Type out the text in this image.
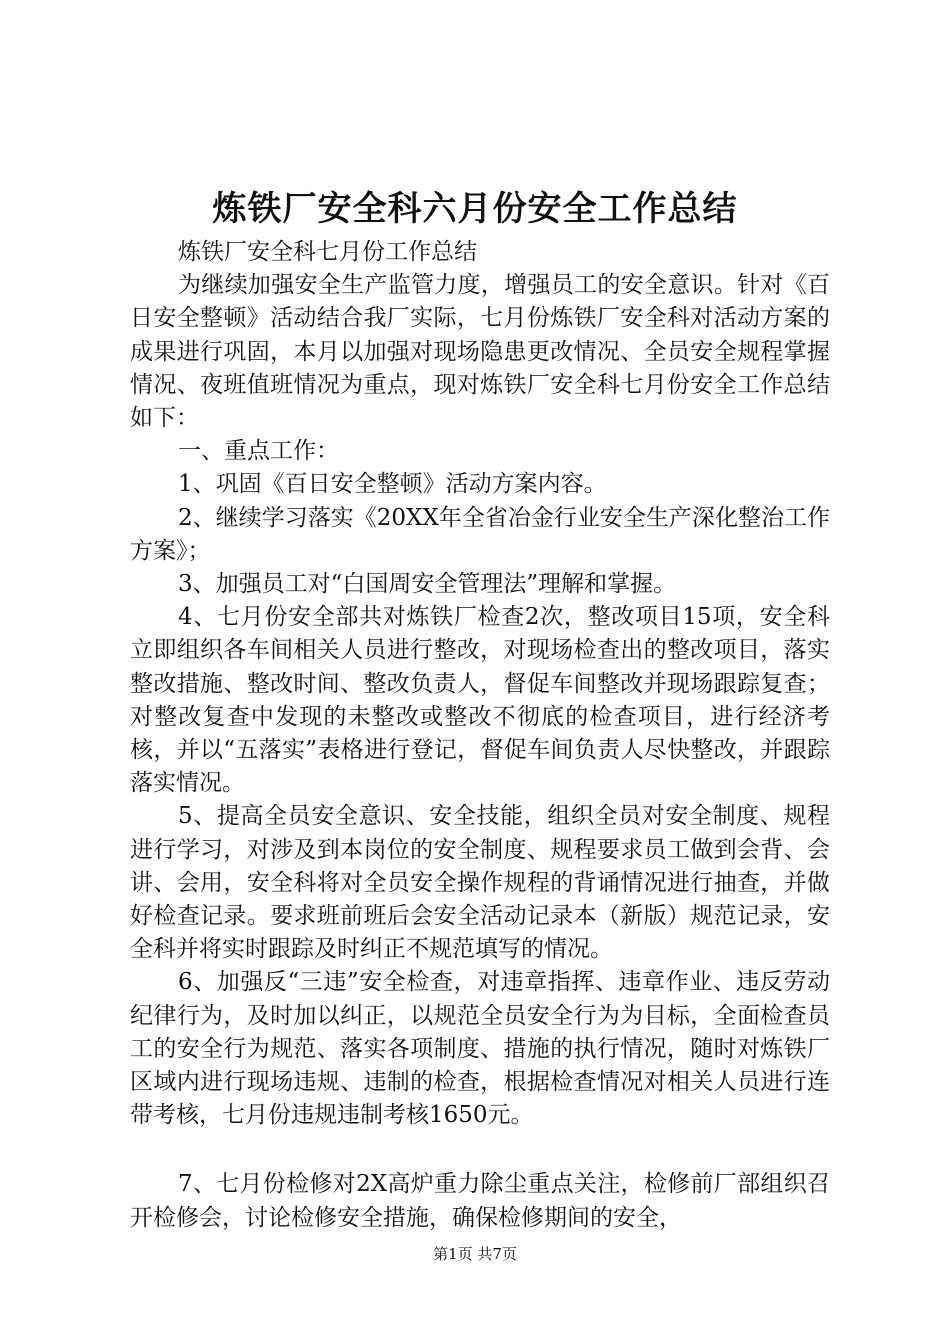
炼铁厂安全科六月份安全工作总结

炼铁厂安全科七月份工作总结

为继续加强安全生产监管力度，增强员工的安全意识。针对《百日安全整顿》活动结合我厂实际，七月份炼铁厂安全科对活动方案的成果进行巩固，本月以加强对现场隐患更改情况、全员安全规程掌握情况、夜班值班情况为重点，现对炼铁厂安全科七月份安全工作总结如下：

一、重点工作：

1、巩固《百日安全整顿》活动方案内容。

2、继续学习落实《20XX年全省冶金行业安全生产深化整治工作方案》；

3、加强员工对“白国周安全管理法”理解和掌握。

4、七月份安全部共对炼铁厂检查2次，整改项目15项，安全科立即组织各车间相关人员进行整改，对现场检查出的整改项目，落实整改措施、整改时间、整改负责人，督促车间整改并现场跟踪复查；对整改复查中发现的未整改或整改不彻底的检查项目，进行经济考核，并以“五落实”表格进行登记，督促车间负责人尽快整改，并跟踪落实情况。

5、提高全员安全意识、安全技能，组织全员对安全制度、规程进行学习，对涉及到本岗位的安全制度、规程要求员工做到会背、会讲、会用，安全科将对全员安全操作规程的背诵情况进行抽查，并做好检查记录。要求班前班后会安全活动记录本（新版）规范记录，安全科并将实时跟踪及时纠正不规范填写的情况。

6、加强反“三违”安全检查，对违章指挥、违章作业、违反劳动纪律行为，及时加以纠正，以规范全员安全行为为目标，全面检查员工的安全行为规范、落实各项制度、措施的执行情况，随时对炼铁厂区域内进行现场违规、违制的检查，根据检查情况对相关人员进行连带考核，七月份违规违制考核1650元。

7、七月份检修对2X高炉重力除尘重点关注，检修前厂部组织召开检修会，讨论检修安全措施，确保检修期间的安全，

第1页 共7页
